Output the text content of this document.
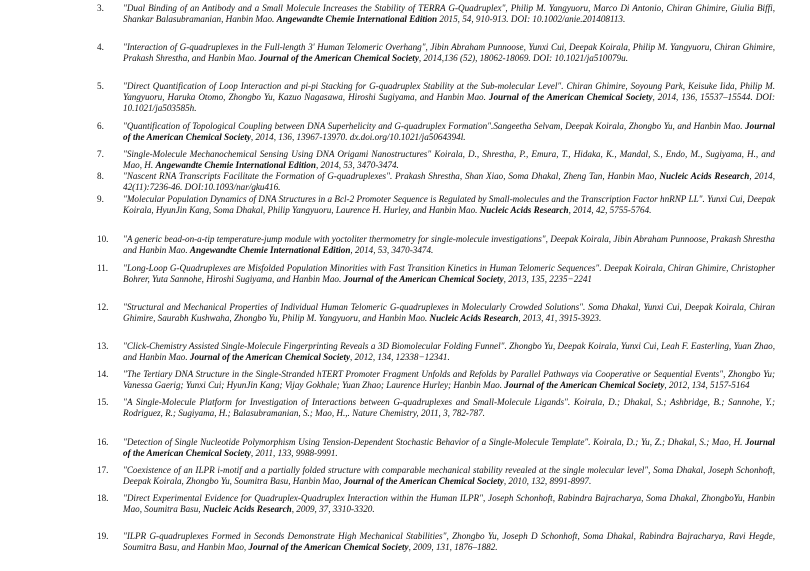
3.	"Dual Binding of an Antibody and a Small Molecule Increases the Stability of TERRA G-Quadruplex", Philip M. Yangyuoru, Marco Di Antonio, Chiran Ghimire, Giulia Biffi, Shankar Balasubramanian, Hanbin Mao. Angewandte Chemie International Edition 2015, 54, 910-913. DOI: 10.1002/anie.201408113.
4.	"Interaction of G-quadruplexes in the Full-length 3' Human Telomeric Overhang", Jibin Abraham Punnoose, Yunxi Cui, Deepak Koirala, Philip M. Yangyuoru, Chiran Ghimire, Prakash Shrestha, and Hanbin Mao. Journal of the American Chemical Society, 2014,136 (52), 18062-18069. DOI: 10.1021/ja510079u.
5.	"Direct Quantification of Loop Interaction and pi-pi Stacking for G-quadruplex Stability at the Sub-molecular Level". Chiran Ghimire, Soyoung Park, Keisuke Iida, Philip M. Yangyuoru, Haruka Otomo, Zhongbo Yu, Kazuo Nagasawa, Hiroshi Sugiyama, and Hanbin Mao. Journal of the American Chemical Society, 2014, 136, 15537–15544. DOI: 10.1021/ja503585h.
6.	"Quantification of Topological Coupling between DNA Superhelicity and G-quadruplex Formation".Sangeetha Selvam, Deepak Koirala, Zhongbo Yu, and Hanbin Mao. Journal of the American Chemical Society, 2014, 136, 13967-13970. dx.doi.org/10.1021/ja5064394l.
7.	"Single-Molecule Mechanochemical Sensing Using DNA Origami Nanostructures" Koirala, D., Shrestha, P., Emura, T., Hidaka, K., Mandal, S., Endo, M., Sugiyama, H., and Mao, H. Angewandte Chemie International Edition, 2014, 53, 3470-3474.
8.	"Nascent RNA Transcripts Facilitate the Formation of G-quadruplexes". Prakash Shrestha, Shan Xiao, Soma Dhakal, Zheng Tan, Hanbin Mao, Nucleic Acids Research, 2014, 42(11):7236-46. DOI:10.1093/nar/gku416.
9.	"Molecular Population Dynamics of DNA Structures in a Bcl-2 Promoter Sequence is Regulated by Small-molecules and the Transcription Factor hnRNP LL". Yunxi Cui, Deepak Koirala, HyunJin Kang, Soma Dhakal, Philip Yangyuoru, Laurence H. Hurley, and Hanbin Mao. Nucleic Acids Research, 2014, 42, 5755-5764.
10.	"A generic bead-on-a-tip temperature-jump module with yoctoliter thermometry for single-molecule investigations", Deepak Koirala, Jibin Abraham Punnoose, Prakash Shrestha and Hanbin Mao. Angewandte Chemie International Edition, 2014, 53, 3470-3474.
11.	"Long-Loop G-Quadruplexes are Misfolded Population Minorities with Fast Transition Kinetics in Human Telomeric Sequences". Deepak Koirala, Chiran Ghimire, Christopher Bohrer, Yuta Sannohe, Hiroshi Sugiyama, and Hanbin Mao. Journal of the American Chemical Society, 2013, 135, 2235−2241
12.	"Structural and Mechanical Properties of Individual Human Telomeric G-quadruplexes in Molecularly Crowded Solutions". Soma Dhakal, Yunxi Cui, Deepak Koirala, Chiran Ghimire, Saurabh Kushwaha, Zhongbo Yu, Philip M. Yangyuoru, and Hanbin Mao. Nucleic Acids Research, 2013, 41, 3915-3923.
13.	"Click-Chemistry Assisted Single-Molecule Fingerprinting Reveals a 3D Biomolecular Folding Funnel". Zhongbo Yu, Deepak Koirala, Yunxi Cui, Leah F. Easterling, Yuan Zhao, and Hanbin Mao. Journal of the American Chemical Society, 2012, 134, 12338−12341.
14.	"The Tertiary DNA Structure in the Single-Stranded hTERT Promoter Fragment Unfolds and Refolds by Parallel Pathways via Cooperative or Sequential Events", Zhongbo Yu; Vanessa Gaerig; Yunxi Cui; HyunJin Kang; Vijay Gokhale; Yuan Zhao; Laurence Hurley; Hanbin Mao. Journal of the American Chemical Society, 2012, 134, 5157-5164
15.	"A Single-Molecule Platform for Investigation of Interactions between G-quadruplexes and Small-Molecule Ligands". Koirala, D.; Dhakal, S.; Ashbridge, B.; Sannohe, Y.; Rodriguez, R.; Sugiyama, H.; Balasubramanian, S.; Mao, H.,. Nature Chemistry, 2011, 3, 782-787.
16.	"Detection of Single Nucleotide Polymorphism Using Tension-Dependent Stochastic Behavior of a Single-Molecule Template". Koirala, D.; Yu, Z.; Dhakal, S.; Mao, H. Journal of the American Chemical Society, 2011, 133, 9988-9991.
17.	"Coexistence of an ILPR i-motif and a partially folded structure with comparable mechanical stability revealed at the single molecular level", Soma Dhakal, Joseph Schonhoft, Deepak Koirala, Zhongbo Yu, Soumitra Basu, Hanbin Mao, Journal of the American Chemical Society, 2010, 132, 8991-8997.
18.	"Direct Experimental Evidence for Quadruplex-Quadruplex Interaction within the Human ILPR", Joseph Schonhoft, Rabindra Bajracharya, Soma Dhakal, ZhongboYu, Hanbin Mao, Soumitra Basu, Nucleic Acids Research, 2009, 37, 3310-3320.
19.	"ILPR G-quadruplexes Formed in Seconds Demonstrate High Mechanical Stabilities", Zhongbo Yu, Joseph D Schonhoft, Soma Dhakal, Rabindra Bajracharya, Ravi Hegde, Soumitra Basu, and Hanbin Mao, Journal of the American Chemical Society, 2009, 131, 1876–1882.
